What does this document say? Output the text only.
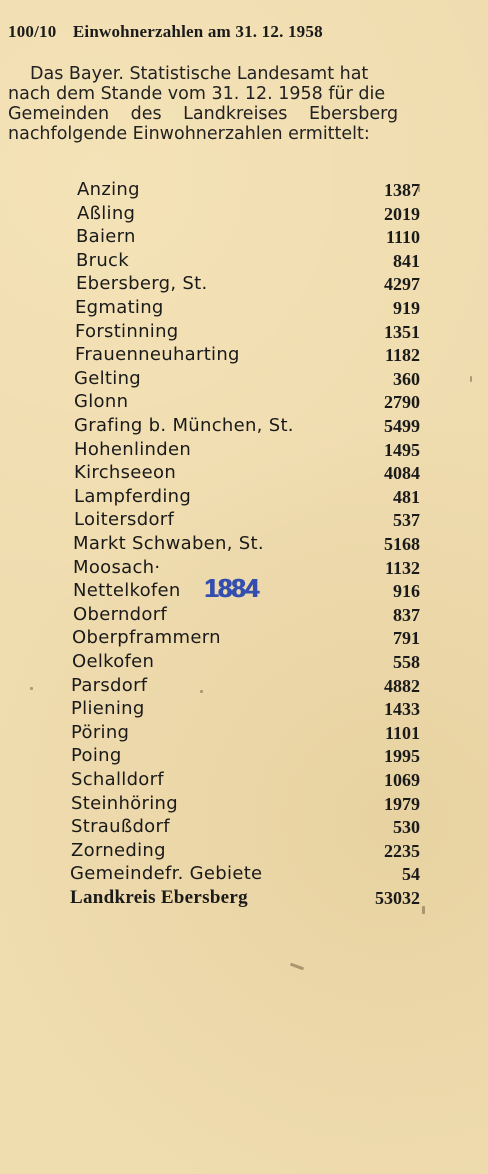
100/10 Einwohnerzahlen am 31. 12. 1958
Das Bayer. Statistische Landesamt hat
nach dem Stande vom 31. 12. 1958 für die
Gemeinden des Landkreises Ebersberg
nachfolgende Einwohnerzahlen ermittelt:
Anzing	1387
Aßling	2019
Baiern	1110
Bruck	841
Ebersberg, St.	4297
Egmating	919
Forstinning	1351
Frauenneuharting	1182
Gelting	360
Glonn	2790
Grafing b. München, St.	5499
Hohenlinden	1495
Kirchseeon	4084
Lampferding	481
Loitersdorf	537
Markt Schwaben, St.	5168
Moosach·	1132
Nettelkofen	916
Oberndorf	837
Oberpframmern	791
Oelkofen	558
Parsdorf	4882
Pliening	1433
Pöring	1101
Poing	1995
Schalldorf	1069
Steinhöring	1979
Straußdorf	530
Zorneding	2235
Gemeindefr. Gebiete	54
Landkreis Ebersberg	53032
1884
